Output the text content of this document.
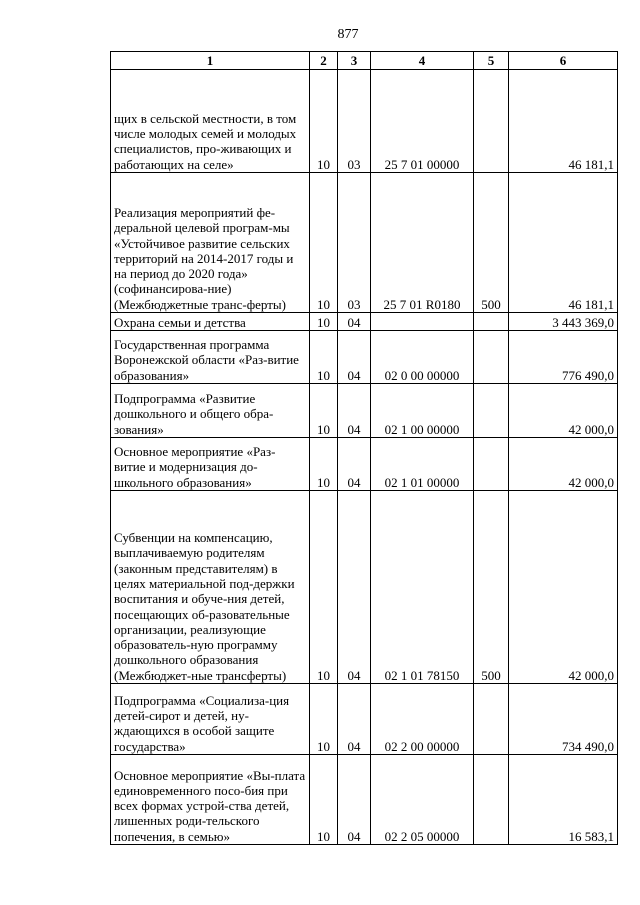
877
1	2	3	4	5	6
щих в сельской местности, в том числе молодых семей и молодых специалистов, про-живающих и работающих на селе»	10	03	25 7 01 00000		46 181,1
Реализация мероприятий фе-деральной целевой програм-мы «Устойчивое развитие сельских территорий на 2014-2017 годы и на период до 2020 года» (софинансирова-ние) (Межбюджетные транс-ферты)	10	03	25 7 01 R0180	500	46 181,1
Охрана семьи и детства	10	04			3 443 369,0
Государственная программа Воронежской области «Раз-витие образования»	10	04	02 0 00 00000		776 490,0
Подпрограмма «Развитие дошкольного и общего обра-зования»	10	04	02 1 00 00000		42 000,0
Основное мероприятие «Раз-витие и модернизация до-школьного образования»	10	04	02 1 01 00000		42 000,0
Субвенции на компенсацию, выплачиваемую родителям (законным представителям) в целях материальной под-держки воспитания и обуче-ния детей, посещающих об-разовательные организации, реализующие образователь-ную программу дошкольного образования (Межбюджет-ные трансферты)	10	04	02 1 01 78150	500	42 000,0
Подпрограмма «Социализа-ция детей-сирот и детей, ну-ждающихся в особой защите государства»	10	04	02 2 00 00000		734 490,0
Основное мероприятие «Вы-плата единовременного посо-бия при всех формах устрой-ства детей, лишенных роди-тельского попечения, в семью»	10	04	02 2 05 00000		16 583,1
